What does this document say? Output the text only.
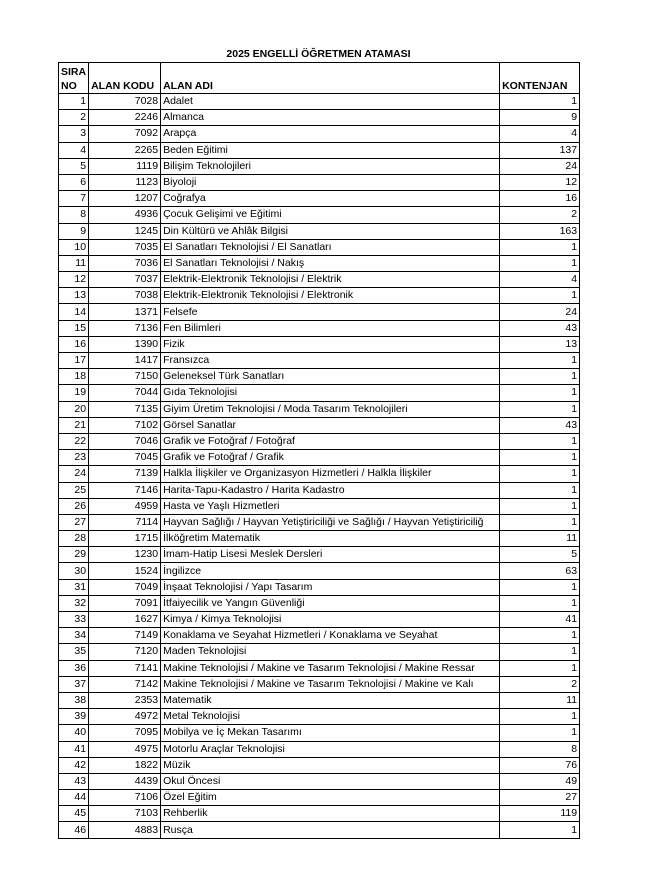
2025 ENGELLİ ÖĞRETMEN ATAMASI
SIRA
NO	ALAN KODU	ALAN ADI	KONTENJAN
1	7028	Adalet	1
2	2246	Almanca	9
3	7092	Arapça	4
4	2265	Beden Eğitimi	137
5	1119	Bilişim Teknolojileri	24
6	1123	Biyoloji	12
7	1207	Coğrafya	16
8	4936	Çocuk Gelişimi ve Eğitimi	2
9	1245	Din Kültürü ve Ahlâk Bilgisi	163
10	7035	El Sanatları Teknolojisi / El Sanatları	1
11	7036	El Sanatları Teknolojisi / Nakış	1
12	7037	Elektrik-Elektronik Teknolojisi / Elektrik	4
13	7038	Elektrik-Elektronik Teknolojisi / Elektronik	1
14	1371	Felsefe	24
15	7136	Fen Bilimleri	43
16	1390	Fizik	13
17	1417	Fransızca	1
18	7150	Geleneksel Türk Sanatları	1
19	7044	Gıda Teknolojisi	1
20	7135	Giyim Üretim Teknolojisi / Moda Tasarım Teknolojileri	1
21	7102	Görsel Sanatlar	43
22	7046	Grafik ve Fotoğraf / Fotoğraf	1
23	7045	Grafik ve Fotoğraf / Grafik	1
24	7139	Halkla İlişkiler ve Organizasyon Hizmetleri / Halkla İlişkiler	1
25	7146	Harita-Tapu-Kadastro / Harita Kadastro	1
26	4959	Hasta ve Yaşlı Hizmetleri	1
27	7114	Hayvan Sağlığı / Hayvan Yetiştiriciliği ve Sağlığı / Hayvan Yetiştiriciliğ	1
28	1715	İlköğretim Matematik	11
29	1230	İmam-Hatip Lisesi Meslek Dersleri	5
30	1524	İngilizce	63
31	7049	İnşaat Teknolojisi / Yapı Tasarım	1
32	7091	İtfaiyecilik ve Yangın Güvenliği	1
33	1627	Kimya / Kimya Teknolojisi	41
34	7149	Konaklama ve Seyahat Hizmetleri / Konaklama ve Seyahat	1
35	7120	Maden Teknolojisi	1
36	7141	Makine Teknolojisi / Makine ve Tasarım Teknolojisi / Makine Ressar	1
37	7142	Makine Teknolojisi / Makine ve Tasarım Teknolojisi / Makine ve Kalı	2
38	2353	Matematik	11
39	4972	Metal Teknolojisi	1
40	7095	Mobilya ve İç Mekan Tasarımı	1
41	4975	Motorlu Araçlar Teknolojisi	8
42	1822	Müzik	76
43	4439	Okul Öncesi	49
44	7106	Özel Eğitim	27
45	7103	Rehberlik	119
46	4883	Rusça	1
